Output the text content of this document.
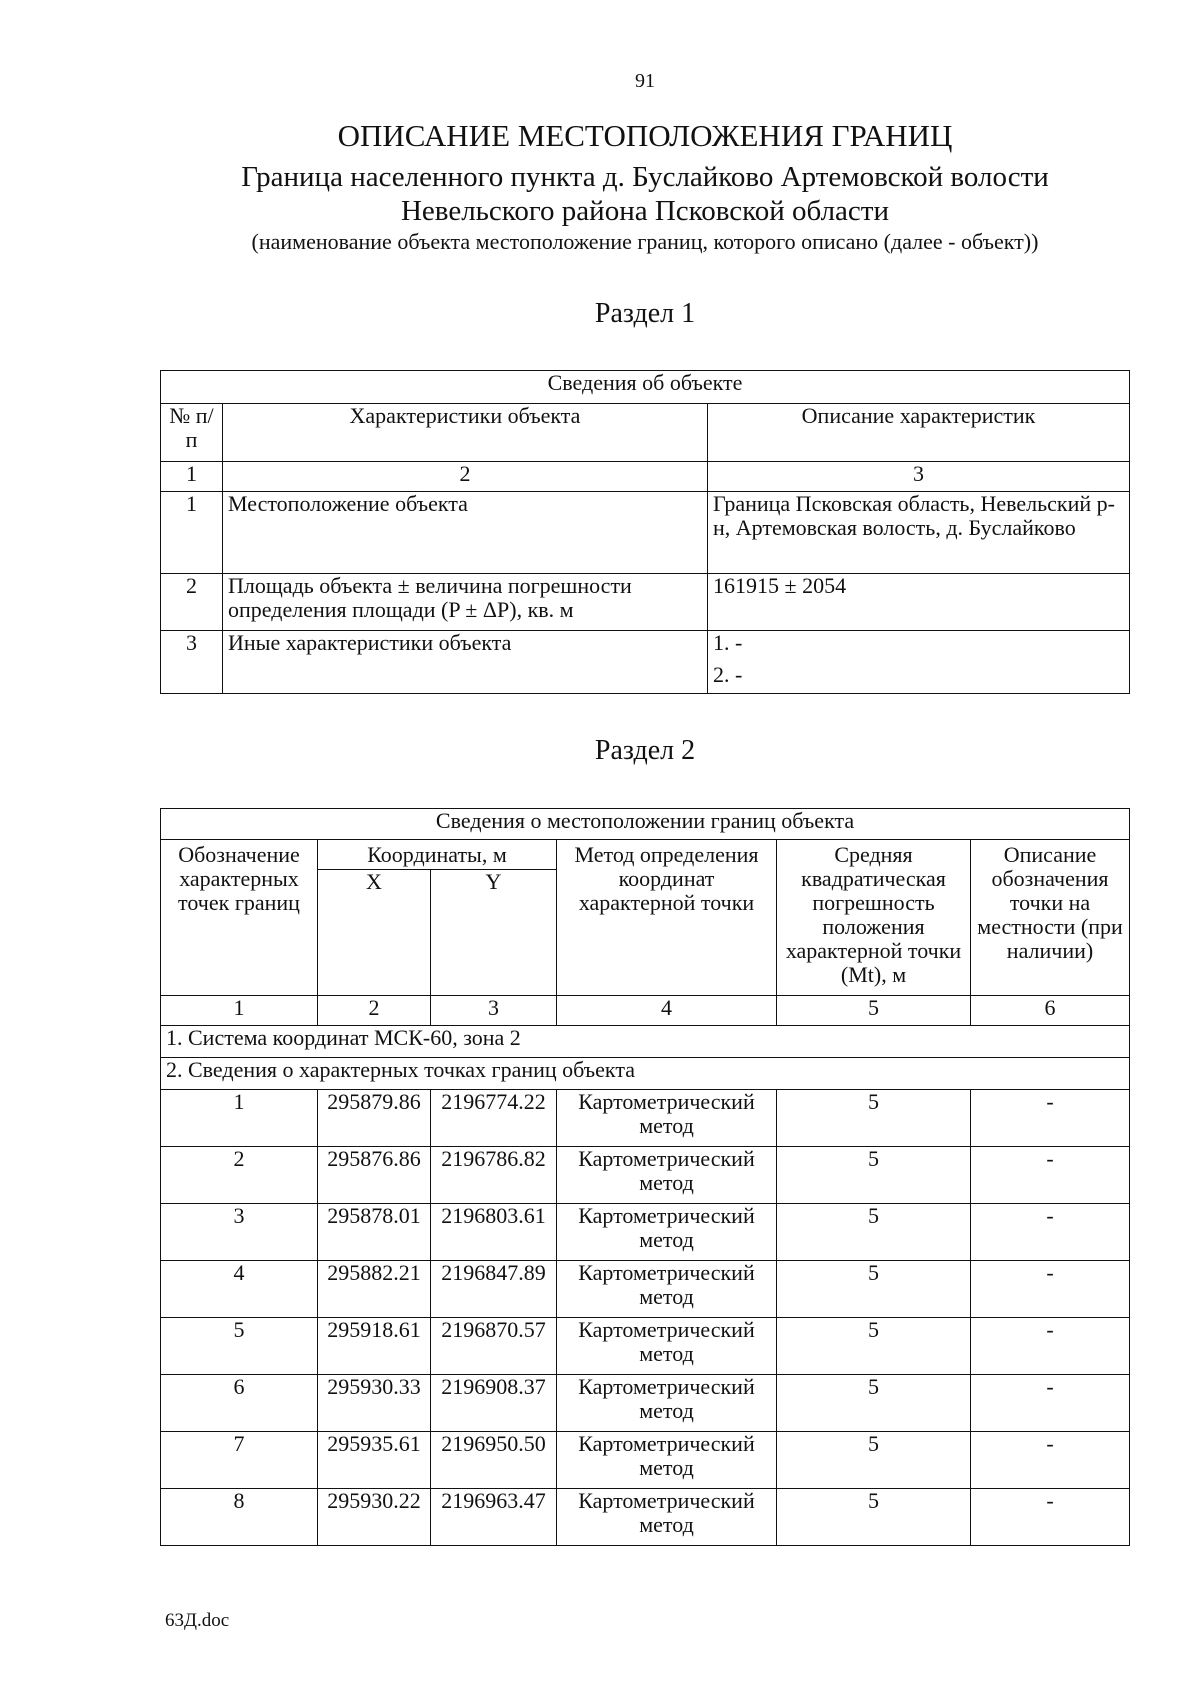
91
ОПИСАНИЕ МЕСТОПОЛОЖЕНИЯ ГРАНИЦ
Граница населенного пункта д. Буслайково Артемовской волости
Невельского района Псковской области
(наименование объекта местоположение границ, которого описано (далее - объект))
Раздел 1
Сведения об объекте		
№ п/п	Характеристики объекта	Описание характеристик
1	2	3
1	Местоположение объекта	Граница Псковская область, Невельский р-н, Артемовская волость, д. Буслайково
2	Площадь объекта ± величина погрешности определения площади (P ± ΔP), кв. м	161915 ± 2054
3	Иные характеристики объекта	1. -
2. -
Раздел 2
Сведения о местоположении границ объекта					
Обозначение характерных точек границ	Координаты, м		Метод определения координат характерной точки	Средняя квадратическая погрешность положения характерной точки (Mt), м	Описание обозначения точки на местности (при наличии)
	X	Y			
1	2	3	4	5	6
1. Система координат МСК-60, зона 2					
2. Сведения о характерных точках границ объекта					
1	295879.86	2196774.22	Картометрический метод	5	-
2	295876.86	2196786.82	Картометрический метод	5	-
3	295878.01	2196803.61	Картометрический метод	5	-
4	295882.21	2196847.89	Картометрический метод	5	-
5	295918.61	2196870.57	Картометрический метод	5	-
6	295930.33	2196908.37	Картометрический метод	5	-
7	295935.61	2196950.50	Картометрический метод	5	-
8	295930.22	2196963.47	Картометрический метод	5	-
63Д.doc
